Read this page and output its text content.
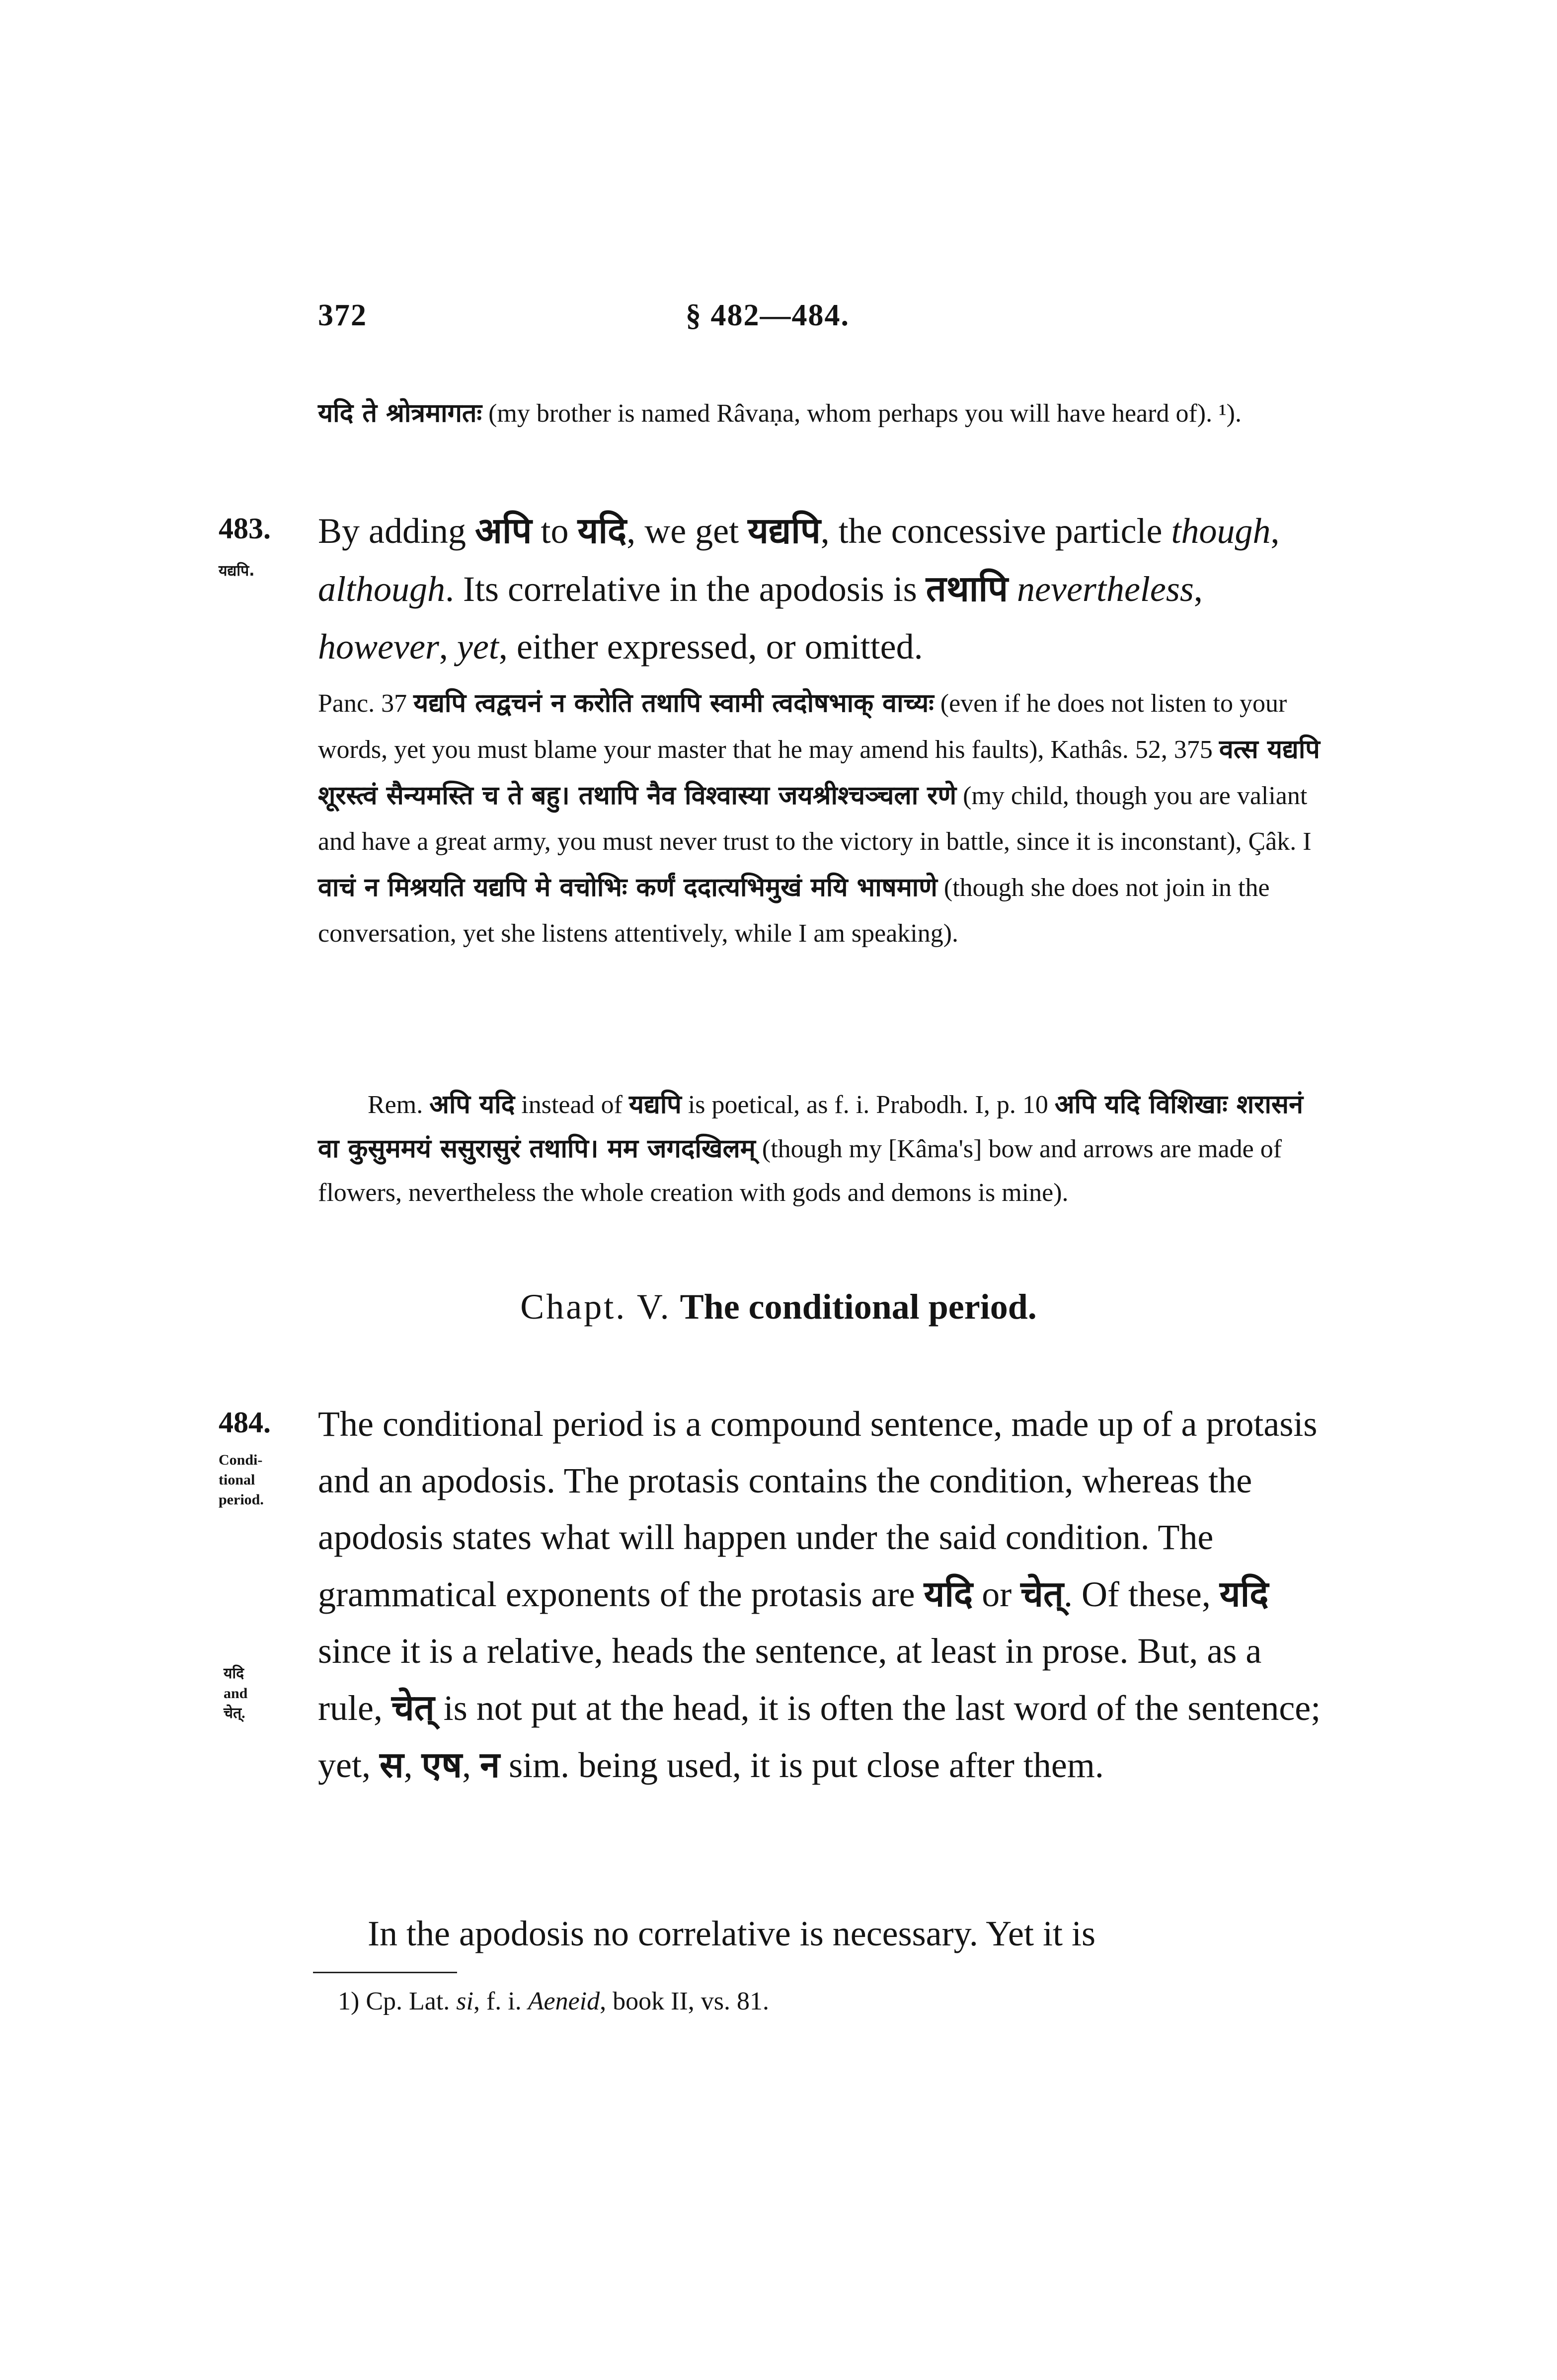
372	§ 482—484.
यदि ते श्रोत्रमागतः (my brother is named Râvaṇa, whom perhaps you will have heard of). ¹).
483.
यद्यपि.
By adding अपि to यदि, we get यद्यपि, the concessive particle though, although. Its correlative in the apodosis is तथापि nevertheless, however, yet, either expressed, or omitted.
Panc. 37 यद्यपि त्वद्वचनं न करोति तथापि स्वामी त्वदोषभाक् वाच्यः (even if he does not listen to your words, yet you must blame your master that he may amend his faults), Kathâs. 52, 375 वत्स यद्यपि शूरस्त्वं सैन्यमस्ति च ते बहु। तथापि नैव विश्वास्या जयश्रीश्चञ्चला रणे (my child, though you are valiant and have a great army, you must never trust to the victory in battle, since it is inconstant), Çâk. I वाचं न मिश्रयति यद्यपि मे वचोभिः कर्णं ददात्यभिमुखं मयि भाषमाणे (though she does not join in the conversation, yet she listens attentively, while I am speaking).
Rem. अपि यदि instead of यद्यपि is poetical, as f. i. Prabodh. I, p. 10 अपि यदि विशिखाः शरासनं वा कुसुममयं ससुरासुरं तथापि। मम जगदखिलम् (though my [Kâma's] bow and arrows are made of flowers, nevertheless the whole creation with gods and demons is mine).
Chapt. V. The conditional period.
484.
Condi-
tional
period.
यदि
and
चेत्.
The conditional period is a compound sentence, made up of a protasis and an apodosis. The protasis contains the condition, whereas the apodosis states what will happen under the said condition. The grammatical exponents of the protasis are यदि or चेत्. Of these, यदि since it is a relative, heads the sentence, at least in prose. But, as a rule, चेत् is not put at the head, it is often the last word of the sentence; yet, स, एष, न sim. being used, it is put close after them.
In the apodosis no correlative is necessary. Yet it is
1) Cp. Lat. si, f. i. Aeneid, book II, vs. 81.
